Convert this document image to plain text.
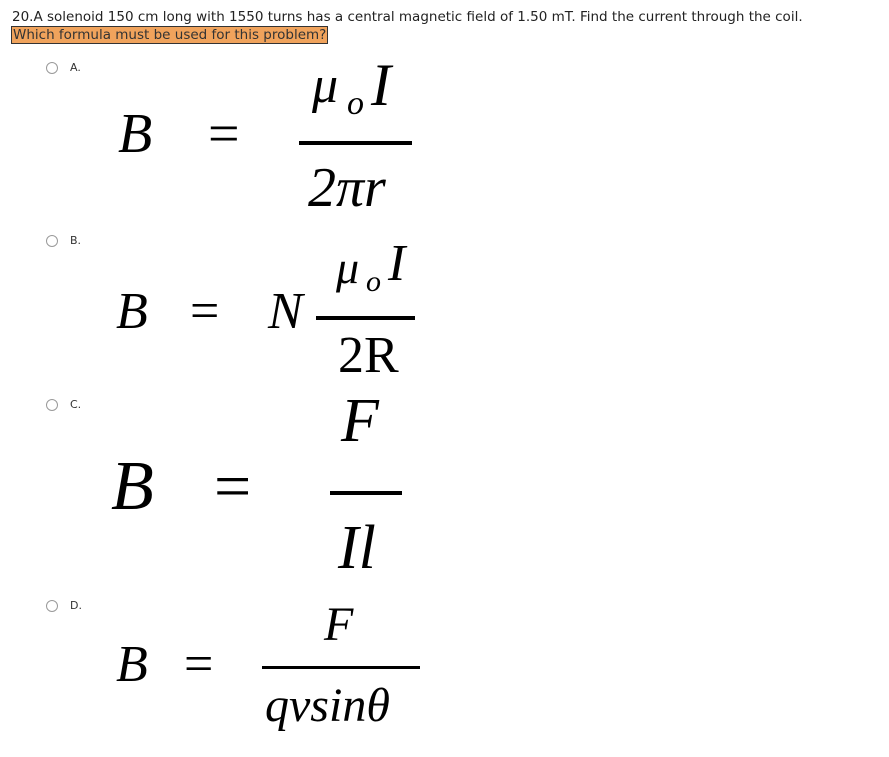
20.A solenoid 150 cm long with 1550 turns has a central magnetic field of 1.50 mT. Find the current through the coil.
Which formula must be used for this problem?
A.
B =
μ o I
2πr
B.
B = N
μ o I
2R
C.
B =
F
Il
D.
B =
F
qvsinθ
